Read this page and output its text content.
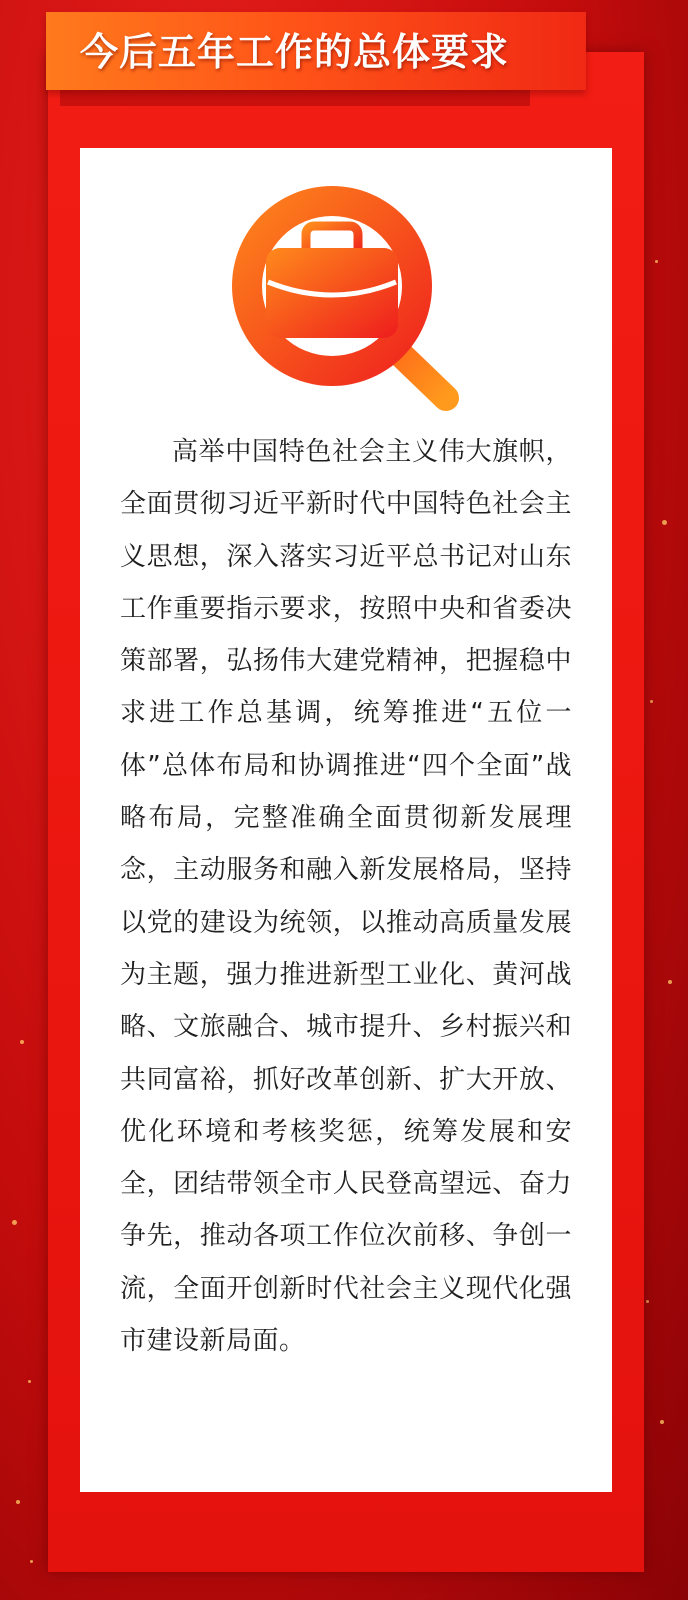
今后五年工作的总体要求

高举中国特色社会主义伟大旗帜，全面贯彻习近平新时代中国特色社会主义思想，深入落实习近平总书记对山东工作重要指示要求，按照中央和省委决策部署，弘扬伟大建党精神，把握稳中求进工作总基调，统筹推进“五位一体”总体布局和协调推进“四个全面”战略布局，完整准确全面贯彻新发展理念，主动服务和融入新发展格局，坚持以党的建设为统领，以推动高质量发展为主题，强力推进新型工业化、黄河战略、文旅融合、城市提升、乡村振兴和共同富裕，抓好改革创新、扩大开放、优化环境和考核奖惩，统筹发展和安全，团结带领全市人民登高望远、奋力争先，推动各项工作位次前移、争创一流，全面开创新时代社会主义现代化强市建设新局面。
